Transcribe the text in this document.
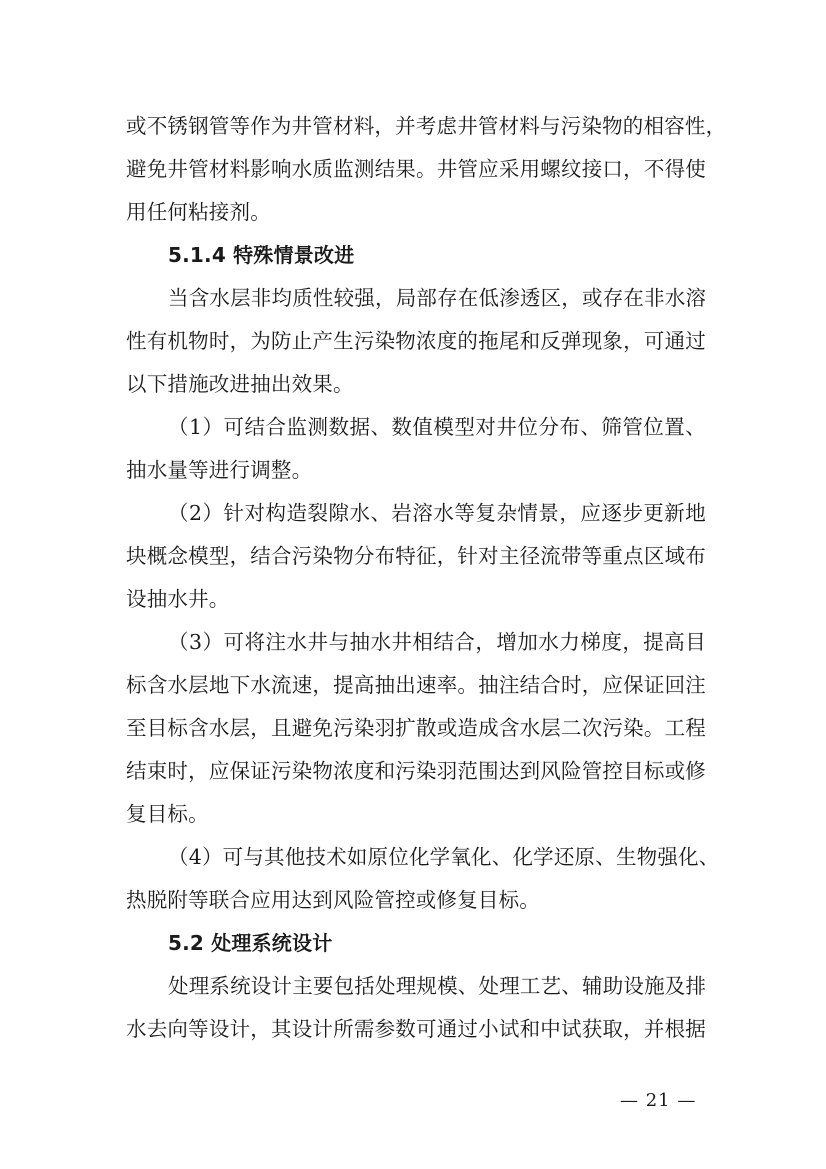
或不锈钢管等作为井管材料，并考虑井管材料与污染物的相容性，
避免井管材料影响水质监测结果。井管应采用螺纹接口，不得使
用任何粘接剂。
5.1.4 特殊情景改进
当含水层非均质性较强，局部存在低渗透区，或存在非水溶
性有机物时，为防止产生污染物浓度的拖尾和反弹现象，可通过
以下措施改进抽出效果。
（1）可结合监测数据、数值模型对井位分布、筛管位置、
抽水量等进行调整。
（2）针对构造裂隙水、岩溶水等复杂情景，应逐步更新地
块概念模型，结合污染物分布特征，针对主径流带等重点区域布
设抽水井。
（3）可将注水井与抽水井相结合，增加水力梯度，提高目
标含水层地下水流速，提高抽出速率。抽注结合时，应保证回注
至目标含水层，且避免污染羽扩散或造成含水层二次污染。工程
结束时，应保证污染物浓度和污染羽范围达到风险管控目标或修
复目标。
（4）可与其他技术如原位化学氧化、化学还原、生物强化、
热脱附等联合应用达到风险管控或修复目标。
5.2 处理系统设计
处理系统设计主要包括处理规模、处理工艺、辅助设施及排
水去向等设计，其设计所需参数可通过小试和中试获取，并根据
— 21 —
